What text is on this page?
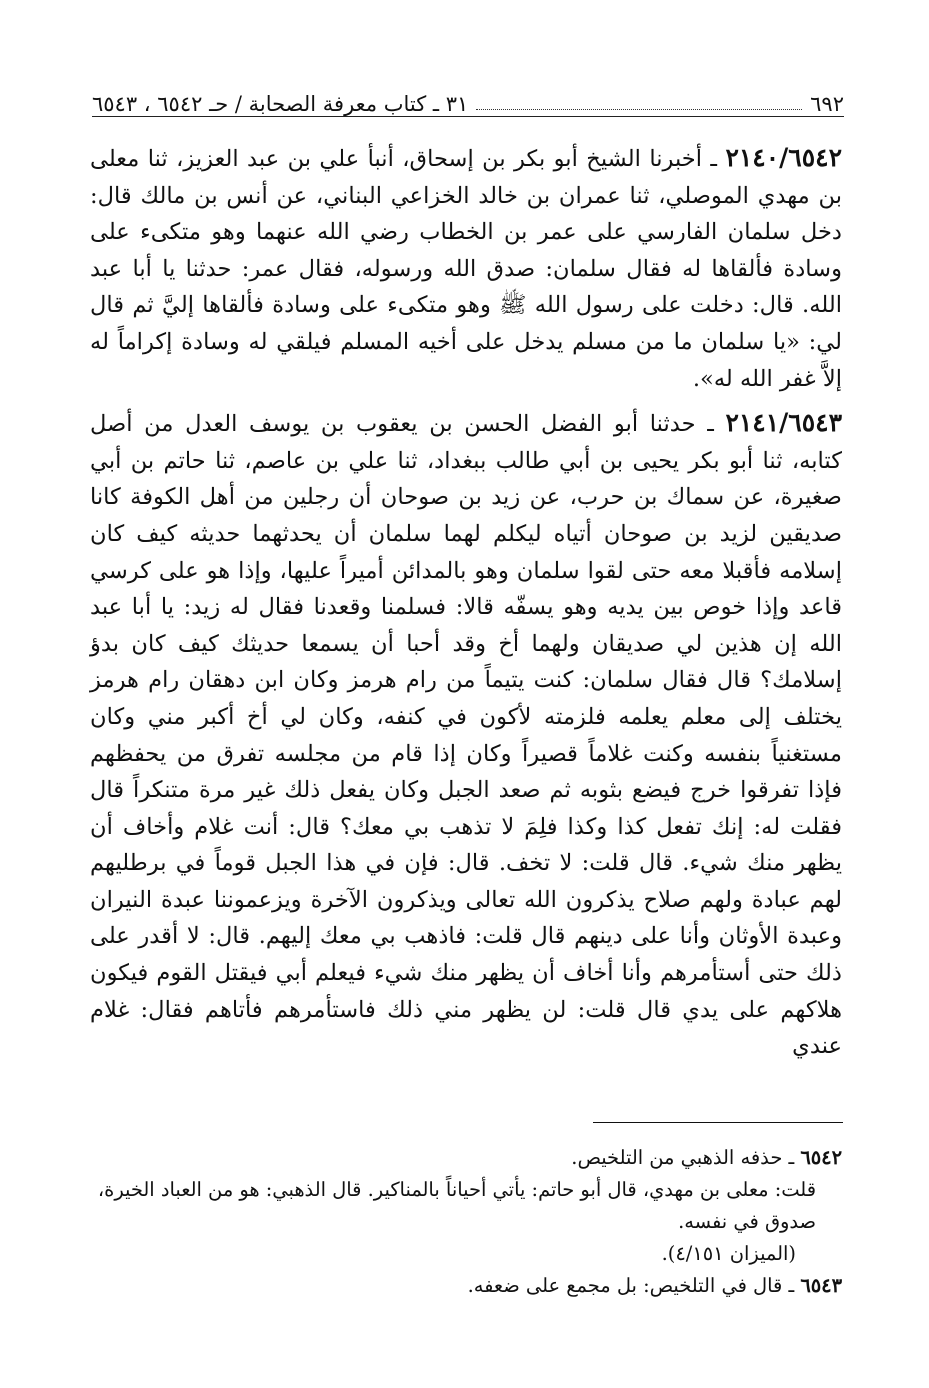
٦٩٢
٣١ ـ كتاب معرفة الصحابة / حـ ٦٥٤٢ ، ٦٥٤٣

٢١٤٠/٦٥٤٢ ـ أخبرنا الشيخ أبو بكر بن إسحاق، أنبأ علي بن عبد العزيز، ثنا معلى بن مهدي الموصلي، ثنا عمران بن خالد الخزاعي البناني، عن أنس بن مالك قال: دخل سلمان الفارسي على عمر بن الخطاب رضي الله عنهما وهو متكىء على وسادة فألقاها له فقال سلمان: صدق الله ورسوله، فقال عمر: حدثنا يا أبا عبد الله. قال: دخلت على رسول الله ﷺ وهو متكىء على وسادة فألقاها إليَّ ثم قال لي: «يا سلمان ما من مسلم يدخل على أخيه المسلم فيلقي له وسادة إكراماً له إلاَّ غفر الله له».

٢١٤١/٦٥٤٣ ـ حدثنا أبو الفضل الحسن بن يعقوب بن يوسف العدل من أصل كتابه، ثنا أبو بكر يحيى بن أبي طالب ببغداد، ثنا علي بن عاصم، ثنا حاتم بن أبي صغيرة، عن سماك بن حرب، عن زيد بن صوحان أن رجلين من أهل الكوفة كانا صديقين لزيد بن صوحان أتياه ليكلم لهما سلمان أن يحدثهما حديثه كيف كان إسلامه فأقبلا معه حتى لقوا سلمان وهو بالمدائن أميراً عليها، وإذا هو على كرسي قاعد وإذا خوص بين يديه وهو يسفّه قالا: فسلمنا وقعدنا فقال له زيد: يا أبا عبد الله إن هذين لي صديقان ولهما أخ وقد أحبا أن يسمعا حديثك كيف كان بدؤ إسلامك؟ قال فقال سلمان: كنت يتيماً من رام هرمز وكان ابن دهقان رام هرمز يختلف إلى معلم يعلمه فلزمته لأكون في كنفه، وكان لي أخ أكبر مني وكان مستغنياً بنفسه وكنت غلاماً قصيراً وكان إذا قام من مجلسه تفرق من يحفظهم فإذا تفرقوا خرج فيضع بثوبه ثم صعد الجبل وكان يفعل ذلك غير مرة متنكراً قال فقلت له: إنك تفعل كذا وكذا فلِمَ لا تذهب بي معك؟ قال: أنت غلام وأخاف أن يظهر منك شيء. قال قلت: لا تخف. قال: فإن في هذا الجبل قوماً في برطليهم لهم عبادة ولهم صلاح يذكرون الله تعالى ويذكرون الآخرة ويزعموننا عبدة النيران وعبدة الأوثان وأنا على دينهم قال قلت: فاذهب بي معك إليهم. قال: لا أقدر على ذلك حتى أستأمرهم وأنا أخاف أن يظهر منك شيء فيعلم أبي فيقتل القوم فيكون هلاكهم على يدي قال قلت: لن يظهر مني ذلك فاستأمرهم فأتاهم فقال: غلام عندي

٦٥٤٢ ـ حذفه الذهبي من التلخيص.

قلت: معلى بن مهدي، قال أبو حاتم: يأتي أحياناً بالمناكير. قال الذهبي: هو من العباد الخيرة، صدوق في نفسه.

(الميزان ٤/١٥١).

٦٥٤٣ ـ قال في التلخيص: بل مجمع على ضعفه.
